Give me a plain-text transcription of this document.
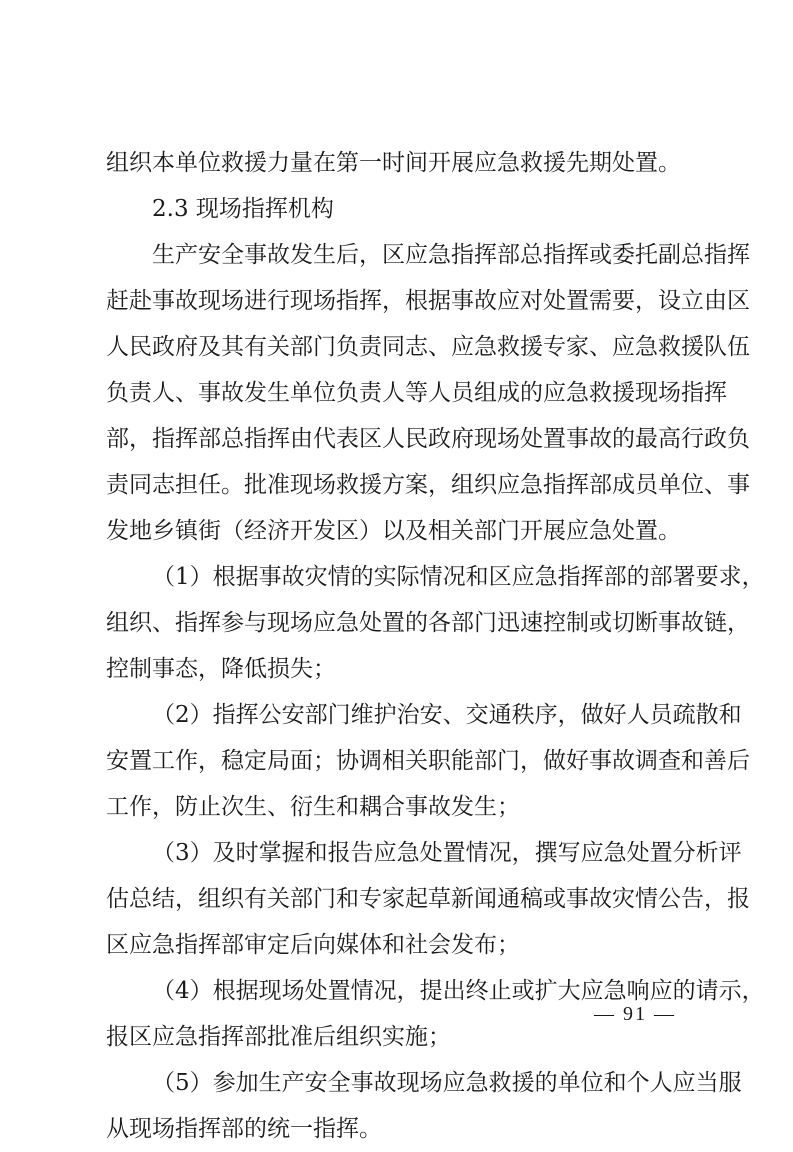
组织本单位救援力量在第一时间开展应急救援先期处置。
2.3 现场指挥机构
生产安全事故发生后，区应急指挥部总指挥或委托副总指挥
赶赴事故现场进行现场指挥，根据事故应对处置需要，设立由区
人民政府及其有关部门负责同志、应急救援专家、应急救援队伍
负责人、事故发生单位负责人等人员组成的应急救援现场指挥
部，指挥部总指挥由代表区人民政府现场处置事故的最高行政负
责同志担任。批准现场救援方案，组织应急指挥部成员单位、事
发地乡镇街（经济开发区）以及相关部门开展应急处置。
（1）根据事故灾情的实际情况和区应急指挥部的部署要求，
组织、指挥参与现场应急处置的各部门迅速控制或切断事故链，
控制事态，降低损失；
（2）指挥公安部门维护治安、交通秩序，做好人员疏散和
安置工作，稳定局面；协调相关职能部门，做好事故调查和善后
工作，防止次生、衍生和耦合事故发生；
（3）及时掌握和报告应急处置情况，撰写应急处置分析评
估总结，组织有关部门和专家起草新闻通稿或事故灾情公告，报
区应急指挥部审定后向媒体和社会发布；
（4）根据现场处置情况，提出终止或扩大应急响应的请示，
报区应急指挥部批准后组织实施；
（5）参加生产安全事故现场应急救援的单位和个人应当服
从现场指挥部的统一指挥。
— 91 —
